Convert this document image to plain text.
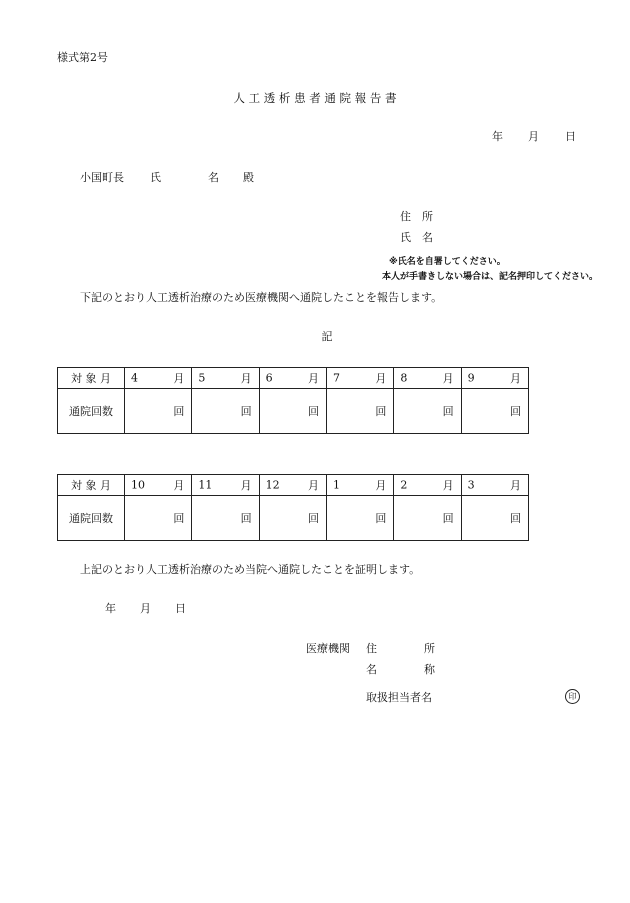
様式第2号
人 工 透 析 患 者 通 院 報 告 書
年 月 日
小国町長 氏	名 殿
住　所
氏　名
※氏名を自署してください。
本人が手書きしない場合は、記名押印してください。
下記のとおり人工透析治療のため医療機関へ通院したことを報告します。
記
対 象 月	4 月	5 月	6 月	7 月	8 月	9 月

通院回数	回	回	回	回	回	回
対 象 月	10 月	11 月	12 月	1 月	2 月	3 月

通院回数	回	回	回	回	回	回
上記のとおり人工透析治療のため当院へ通院したことを証明します。
年 月 日
医療機関 住	所
名	称
取扱担当者名	印
